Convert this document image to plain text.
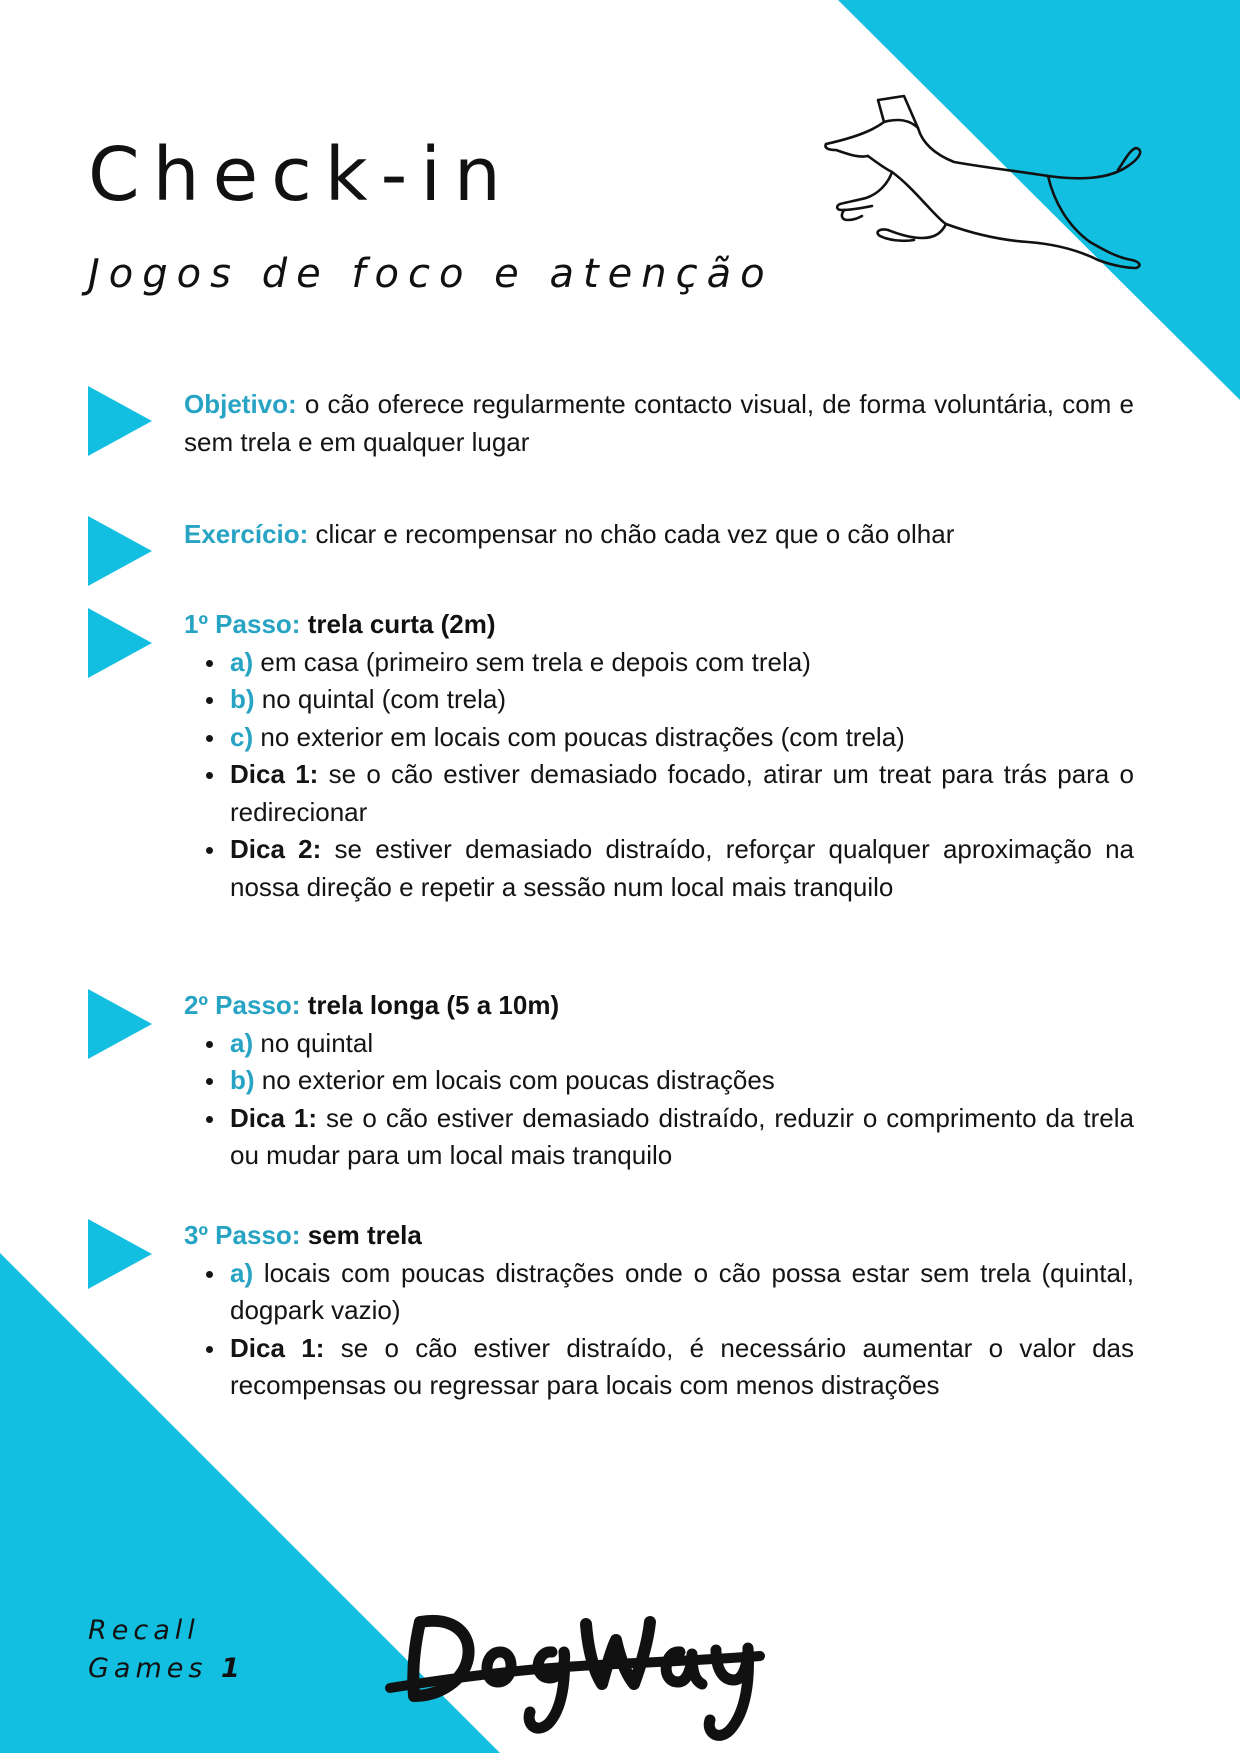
Check-in
Jogos de foco e atenção
Objetivo: o cão oferece regularmente contacto visual, de forma voluntária, com e sem trela e em qualquer lugar
Exercício: clicar e recompensar no chão cada vez que o cão olhar
1º Passo: trela curta (2m)
a) em casa (primeiro sem trela e depois com trela)
b) no quintal (com trela)
c) no exterior em locais com poucas distrações (com trela)
Dica 1: se o cão estiver demasiado focado, atirar um treat para trás para o redirecionar
Dica 2: se estiver demasiado distraído, reforçar qualquer aproximação na nossa direção e repetir a sessão num local mais tranquilo
2º Passo: trela longa (5 a 10m)
a) no quintal
b) no exterior em locais com poucas distrações
Dica 1: se o cão estiver demasiado distraído, reduzir o comprimento da trela ou mudar para um local mais tranquilo
3º Passo: sem trela
a) locais com poucas distrações onde o cão possa estar sem trela (quintal, dogpark vazio)
Dica 1: se o cão estiver distraído, é necessário aumentar o valor das recompensas ou regressar para locais com menos distrações
Recall
Games 1
